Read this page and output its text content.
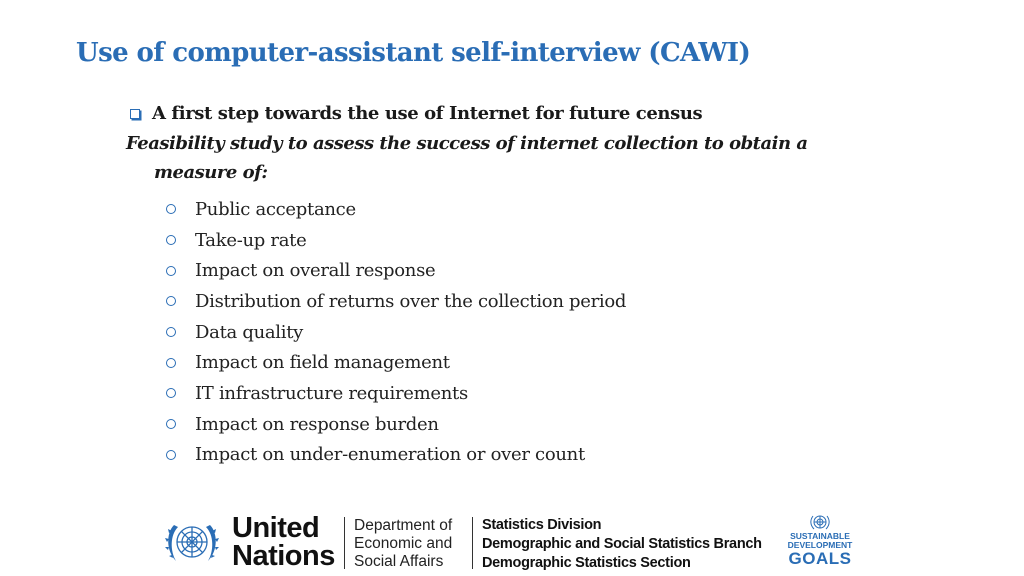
Use of computer-assistant self-interview (CAWI)
A first step towards the use of Internet for future census
Feasibility study to assess the success of internet collection to obtain a
measure of:
Public acceptance
Take-up rate
Impact on overall response
Distribution of returns over the collection period
Data quality
Impact on field management
IT infrastructure requirements
Impact on response burden
Impact on under-enumeration or over count
United
Nations
Department of
Economic and
Social Affairs
Statistics Division
Demographic and Social Statistics Branch
Demographic Statistics Section
SUSTAINABLE
DEVELOPMENT
GOALS
